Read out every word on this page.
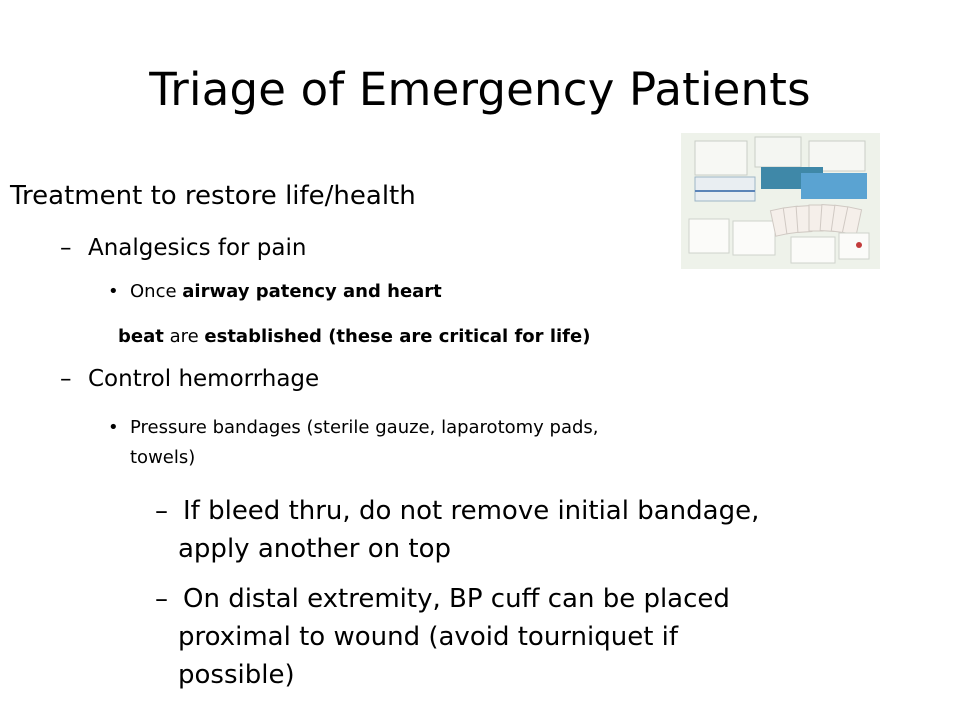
Triage of Emergency Patients
Treatment to restore life/health
– Analgesics for pain
• Once airway patency and heart
beat are established (these are critical for life)
– Control hemorrhage
• Pressure bandages (sterile gauze, laparotomy pads,
towels)
– If bleed thru, do not remove initial bandage,
apply another on top
– On distal extremity, BP cuff can be placed
proximal to wound (avoid tourniquet if
possible)
